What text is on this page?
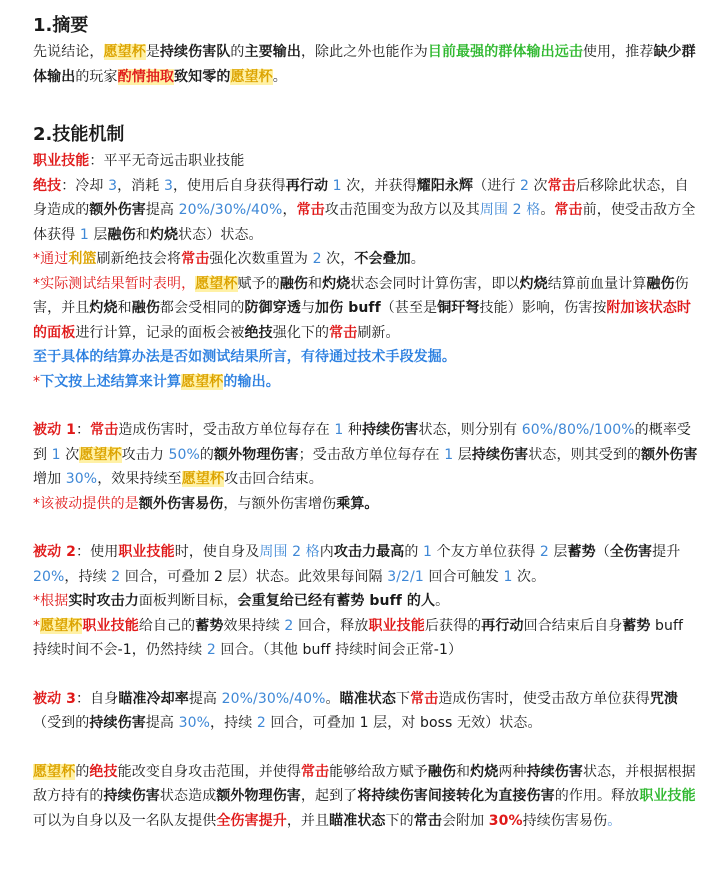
1.摘要

先说结论，愿望杯是持续伤害队的主要输出，除此之外也能作为目前最强的群体输出远击使用，推荐缺少群体输出的玩家酌情抽取致知零的愿望杯。

2.技能机制

职业技能：平平无奇远击职业技能

绝技：冷却 3，消耗 3，使用后自身获得再行动 1 次，并获得耀阳永辉（进行 2 次常击后移除此状态，自身造成的额外伤害提高 20%/30%/40%，常击攻击范围变为敌方以及其周围 2 格。常击前，使受击敌方全体获得 1 层融伤和灼烧状态）状态。

*通过利篮刷新绝技会将常击强化次数重置为 2 次，不会叠加。

*实际测试结果暂时表明，愿望杯赋予的融伤和灼烧状态会同时计算伤害，即以灼烧结算前血量计算融伤伤害，并且灼烧和融伤都会受相同的防御穿透与加伤 buff（甚至是铜玕弩技能）影响，伤害按附加该状态时的面板进行计算，记录的面板会被绝技强化下的常击刷新。

至于具体的结算办法是否如测试结果所言，有待通过技术手段发掘。

*下文按上述结算来计算愿望杯的输出。

被动 1：常击造成伤害时，受击敌方单位每存在 1 种持续伤害状态，则分别有 60%/80%/100%的概率受到 1 次愿望杯攻击力 50%的额外物理伤害；受击敌方单位每存在 1 层持续伤害状态，则其受到的额外伤害增加 30%，效果持续至愿望杯攻击回合结束。

*该被动提供的是额外伤害易伤，与额外伤害增伤乘算。

被动 2：使用职业技能时，使自身及周围 2 格内攻击力最高的 1 个友方单位获得 2 层蓄势（全伤害提升 20%，持续 2 回合，可叠加 2 层）状态。此效果每间隔 3/2/1 回合可触发 1 次。

*根据实时攻击力面板判断目标，会重复给已经有蓄势 buff 的人。

*愿望杯职业技能给自己的蓄势效果持续 2 回合，释放职业技能后获得的再行动回合结束后自身蓄势 buff 持续时间不会-1，仍然持续 2 回合。（其他 buff 持续时间会正常-1）

被动 3：自身瞄准冷却率提高 20%/30%/40%。瞄准状态下常击造成伤害时，使受击敌方单位获得咒溃（受到的持续伤害提高 30%，持续 2 回合，可叠加 1 层，对 boss 无效）状态。

愿望杯的绝技能改变自身攻击范围，并使得常击能够给敌方赋予融伤和灼烧两种持续伤害状态，并根据根据敌方持有的持续伤害状态造成额外物理伤害，起到了将持续伤害间接转化为直接伤害的作用。释放职业技能可以为自身以及一名队友提供全伤害提升，并且瞄准状态下的常击会附加 30%持续伤害易伤。
